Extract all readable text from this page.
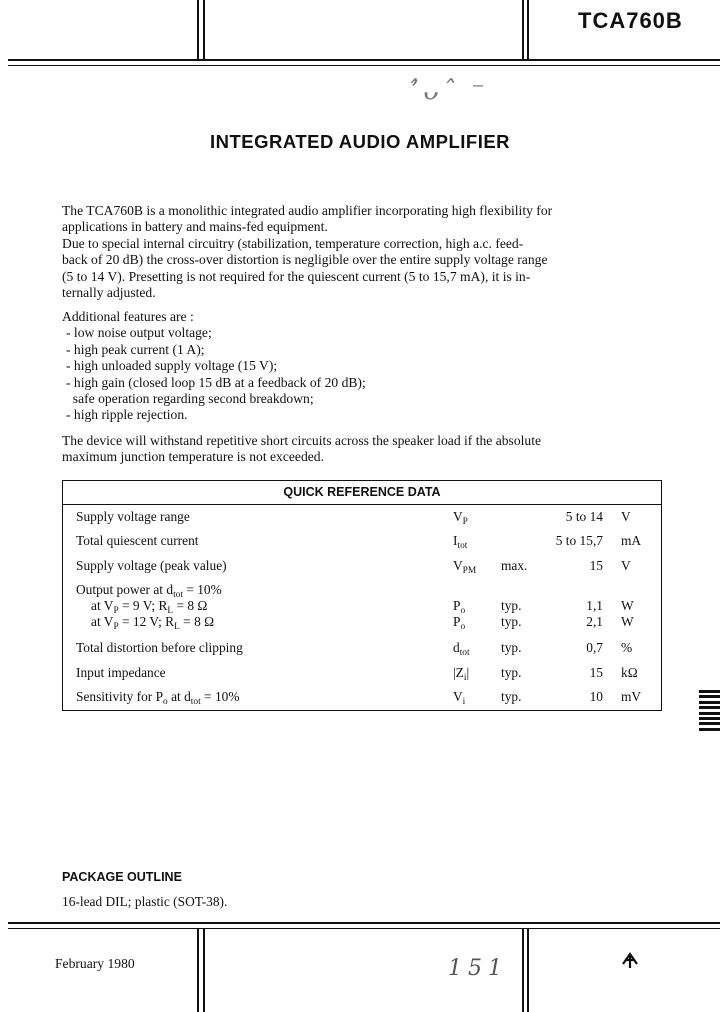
TCA760B
ʼ́ᴗˆ ⁻
INTEGRATED AUDIO AMPLIFIER

The TCA760B is a monolithic integrated audio amplifier incorporating high flexibility for

applications in battery and mains-fed equipment.

Due to special internal circuitry (stabilization, temperature correction, high a.c. feed-

back of 20 dB) the cross-over distortion is negligible over the entire supply voltage range

(5 to 14 V). Presetting is not required for the quiescent current (5 to 15,7 mA), it is in-

ternally adjusted.

Additional features are :

- low noise output voltage;
- high peak current (1 A);
- high unloaded supply voltage (15 V);
- high gain (closed loop 15 dB at a feedback of 20 dB);
safe operation regarding second breakdown;
- high ripple rejection.

The device will withstand repetitive short circuits across the speaker load if the absolute

maximum junction temperature is not exceeded.

QUICK REFERENCE DATA
Supply voltage range	$V_P$	5 to 14 V
Total quiescent current	$I_{tot}$	5 to 15,7 mA
Supply voltage (peak value)	$V_{PM}$ max.	15 V
Output power at $d_{tot} = 10\%$
at $V_P = 9$ V; $R_L = 8$ Ω	$P_o$	typ.	1,1 W
at $V_P = 12$ V; $R_L = 8$ Ω	$P_o$	typ.	2,1 W
Total distortion before clipping	$d_{tot}$ typ.	0,7 %
Input impedance	$|Z_i|$ typ.	15 kΩ
Sensitivity for $P_o$ at $d_{tot} = 10\%$	$V_i$	typ.	10 mV
PACKAGE OUTLINE
16-lead DIL; plastic (SOT-38).
February 1980	151
